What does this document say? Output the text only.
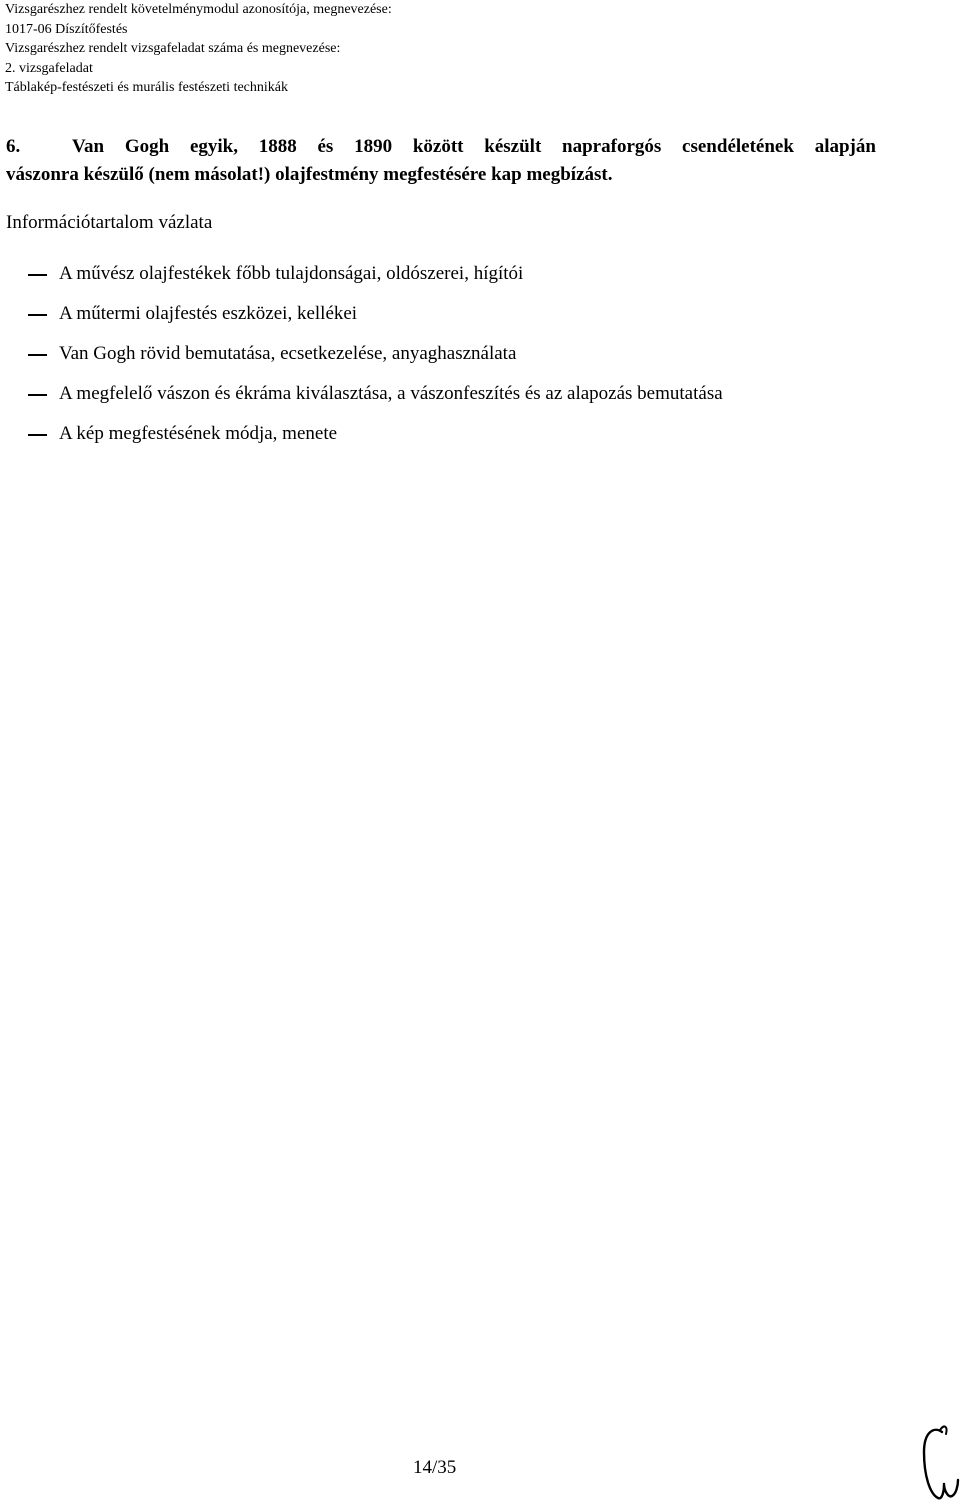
Vizsgarészhez rendelt követelménymodul azonosítója, megnevezése:
1017-06 Díszítőfestés
Vizsgarészhez rendelt vizsgafeladat száma és megnevezése:
2. vizsgafeladat
Táblakép-festészeti és murális festészeti technikák
6.	Van Gogh egyik, 1888 és 1890 között készült napraforgós csendéletének alapján
vászonra készülő (nem másolat!) olajfestmény megfestésére kap megbízást.
Információtartalom vázlata
A művész olajfestékek főbb tulajdonságai, oldószerei, hígítói
A műtermi olajfestés eszközei, kellékei
Van Gogh rövid bemutatása, ecsetkezelése, anyaghasználata
A megfelelő vászon és ékráma kiválasztása, a vászonfeszítés és az alapozás bemutatása
A kép megfestésének módja, menete
14/35
